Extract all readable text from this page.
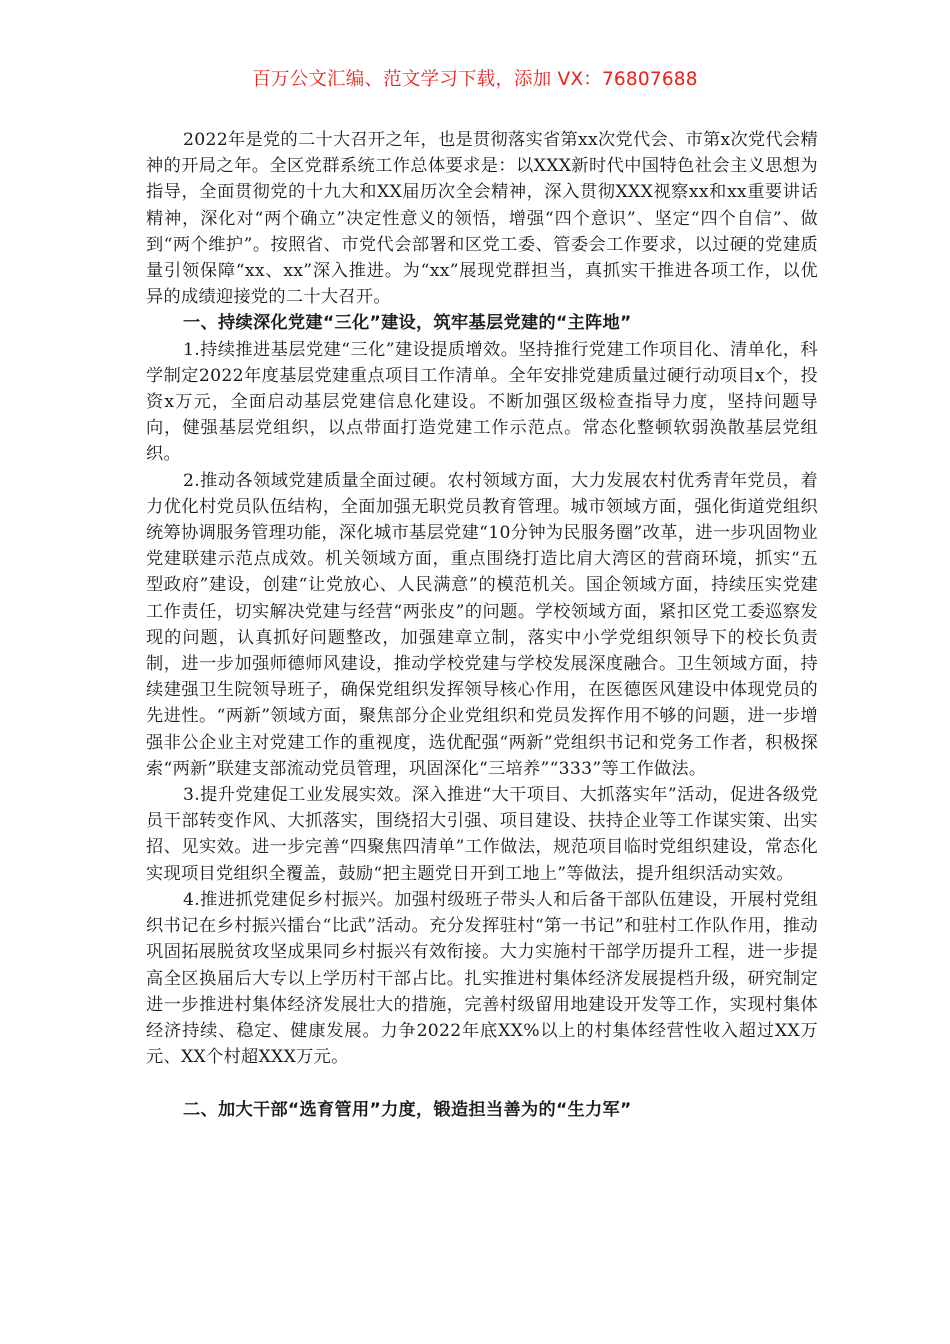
百万公文汇编、范文学习下载，添加 VX：76807688

2022年是党的二十大召开之年，也是贯彻落实省第xx次党代会、市第x次党代会精神的开局之年。全区党群系统工作总体要求是：以XXX新时代中国特色社会主义思想为指导，全面贯彻党的十九大和XX届历次全会精神，深入贯彻XXX视察xx和xx重要讲话精神，深化对“两个确立”决定性意义的领悟，增强“四个意识”、坚定“四个自信”、做到“两个维护”。按照省、市党代会部署和区党工委、管委会工作要求，以过硬的党建质量引领保障“xx、xx”深入推进。为“xx”展现党群担当，真抓实干推进各项工作，以优异的成绩迎接党的二十大召开。

一、持续深化党建“三化”建设，筑牢基层党建的“主阵地”

1.持续推进基层党建“三化”建设提质增效。坚持推行党建工作项目化、清单化，科学制定2022年度基层党建重点项目工作清单。全年安排党建质量过硬行动项目x个，投资x万元，全面启动基层党建信息化建设。不断加强区级检查指导力度，坚持问题导向，健强基层党组织，以点带面打造党建工作示范点。常态化整顿软弱涣散基层党组织。

2.推动各领域党建质量全面过硬。农村领域方面，大力发展农村优秀青年党员，着力优化村党员队伍结构，全面加强无职党员教育管理。城市领域方面，强化街道党组织统筹协调服务管理功能，深化城市基层党建“10分钟为民服务圈”改革，进一步巩固物业党建联建示范点成效。机关领域方面，重点围绕打造比肩大湾区的营商环境，抓实“五型政府”建设，创建“让党放心、人民满意”的模范机关。国企领域方面，持续压实党建工作责任，切实解决党建与经营“两张皮”的问题。学校领域方面，紧扣区党工委巡察发现的问题，认真抓好问题整改，加强建章立制，落实中小学党组织领导下的校长负责制，进一步加强师德师风建设，推动学校党建与学校发展深度融合。卫生领域方面，持续建强卫生院领导班子，确保党组织发挥领导核心作用，在医德医风建设中体现党员的先进性。“两新”领域方面，聚焦部分企业党组织和党员发挥作用不够的问题，进一步增强非公企业主对党建工作的重视度，选优配强“两新”党组织书记和党务工作者，积极探索“两新”联建支部流动党员管理，巩固深化“三培养”“333”等工作做法。

3.提升党建促工业发展实效。深入推进“大干项目、大抓落实年”活动，促进各级党员干部转变作风、大抓落实，围绕招大引强、项目建设、扶持企业等工作谋实策、出实招、见实效。进一步完善“四聚焦四清单”工作做法，规范项目临时党组织建设，常态化实现项目党组织全覆盖，鼓励“把主题党日开到工地上”等做法，提升组织活动实效。

4.推进抓党建促乡村振兴。加强村级班子带头人和后备干部队伍建设，开展村党组织书记在乡村振兴擂台“比武”活动。充分发挥驻村“第一书记”和驻村工作队作用，推动巩固拓展脱贫攻坚成果同乡村振兴有效衔接。大力实施村干部学历提升工程，进一步提高全区换届后大专以上学历村干部占比。扎实推进村集体经济发展提档升级，研究制定进一步推进村集体经济发展壮大的措施，完善村级留用地建设开发等工作，实现村集体经济持续、稳定、健康发展。力争2022年底XX%以上的村集体经营性收入超过XX万元、XX个村超XXX万元。

二、加大干部“选育管用”力度，锻造担当善为的“生力军”
